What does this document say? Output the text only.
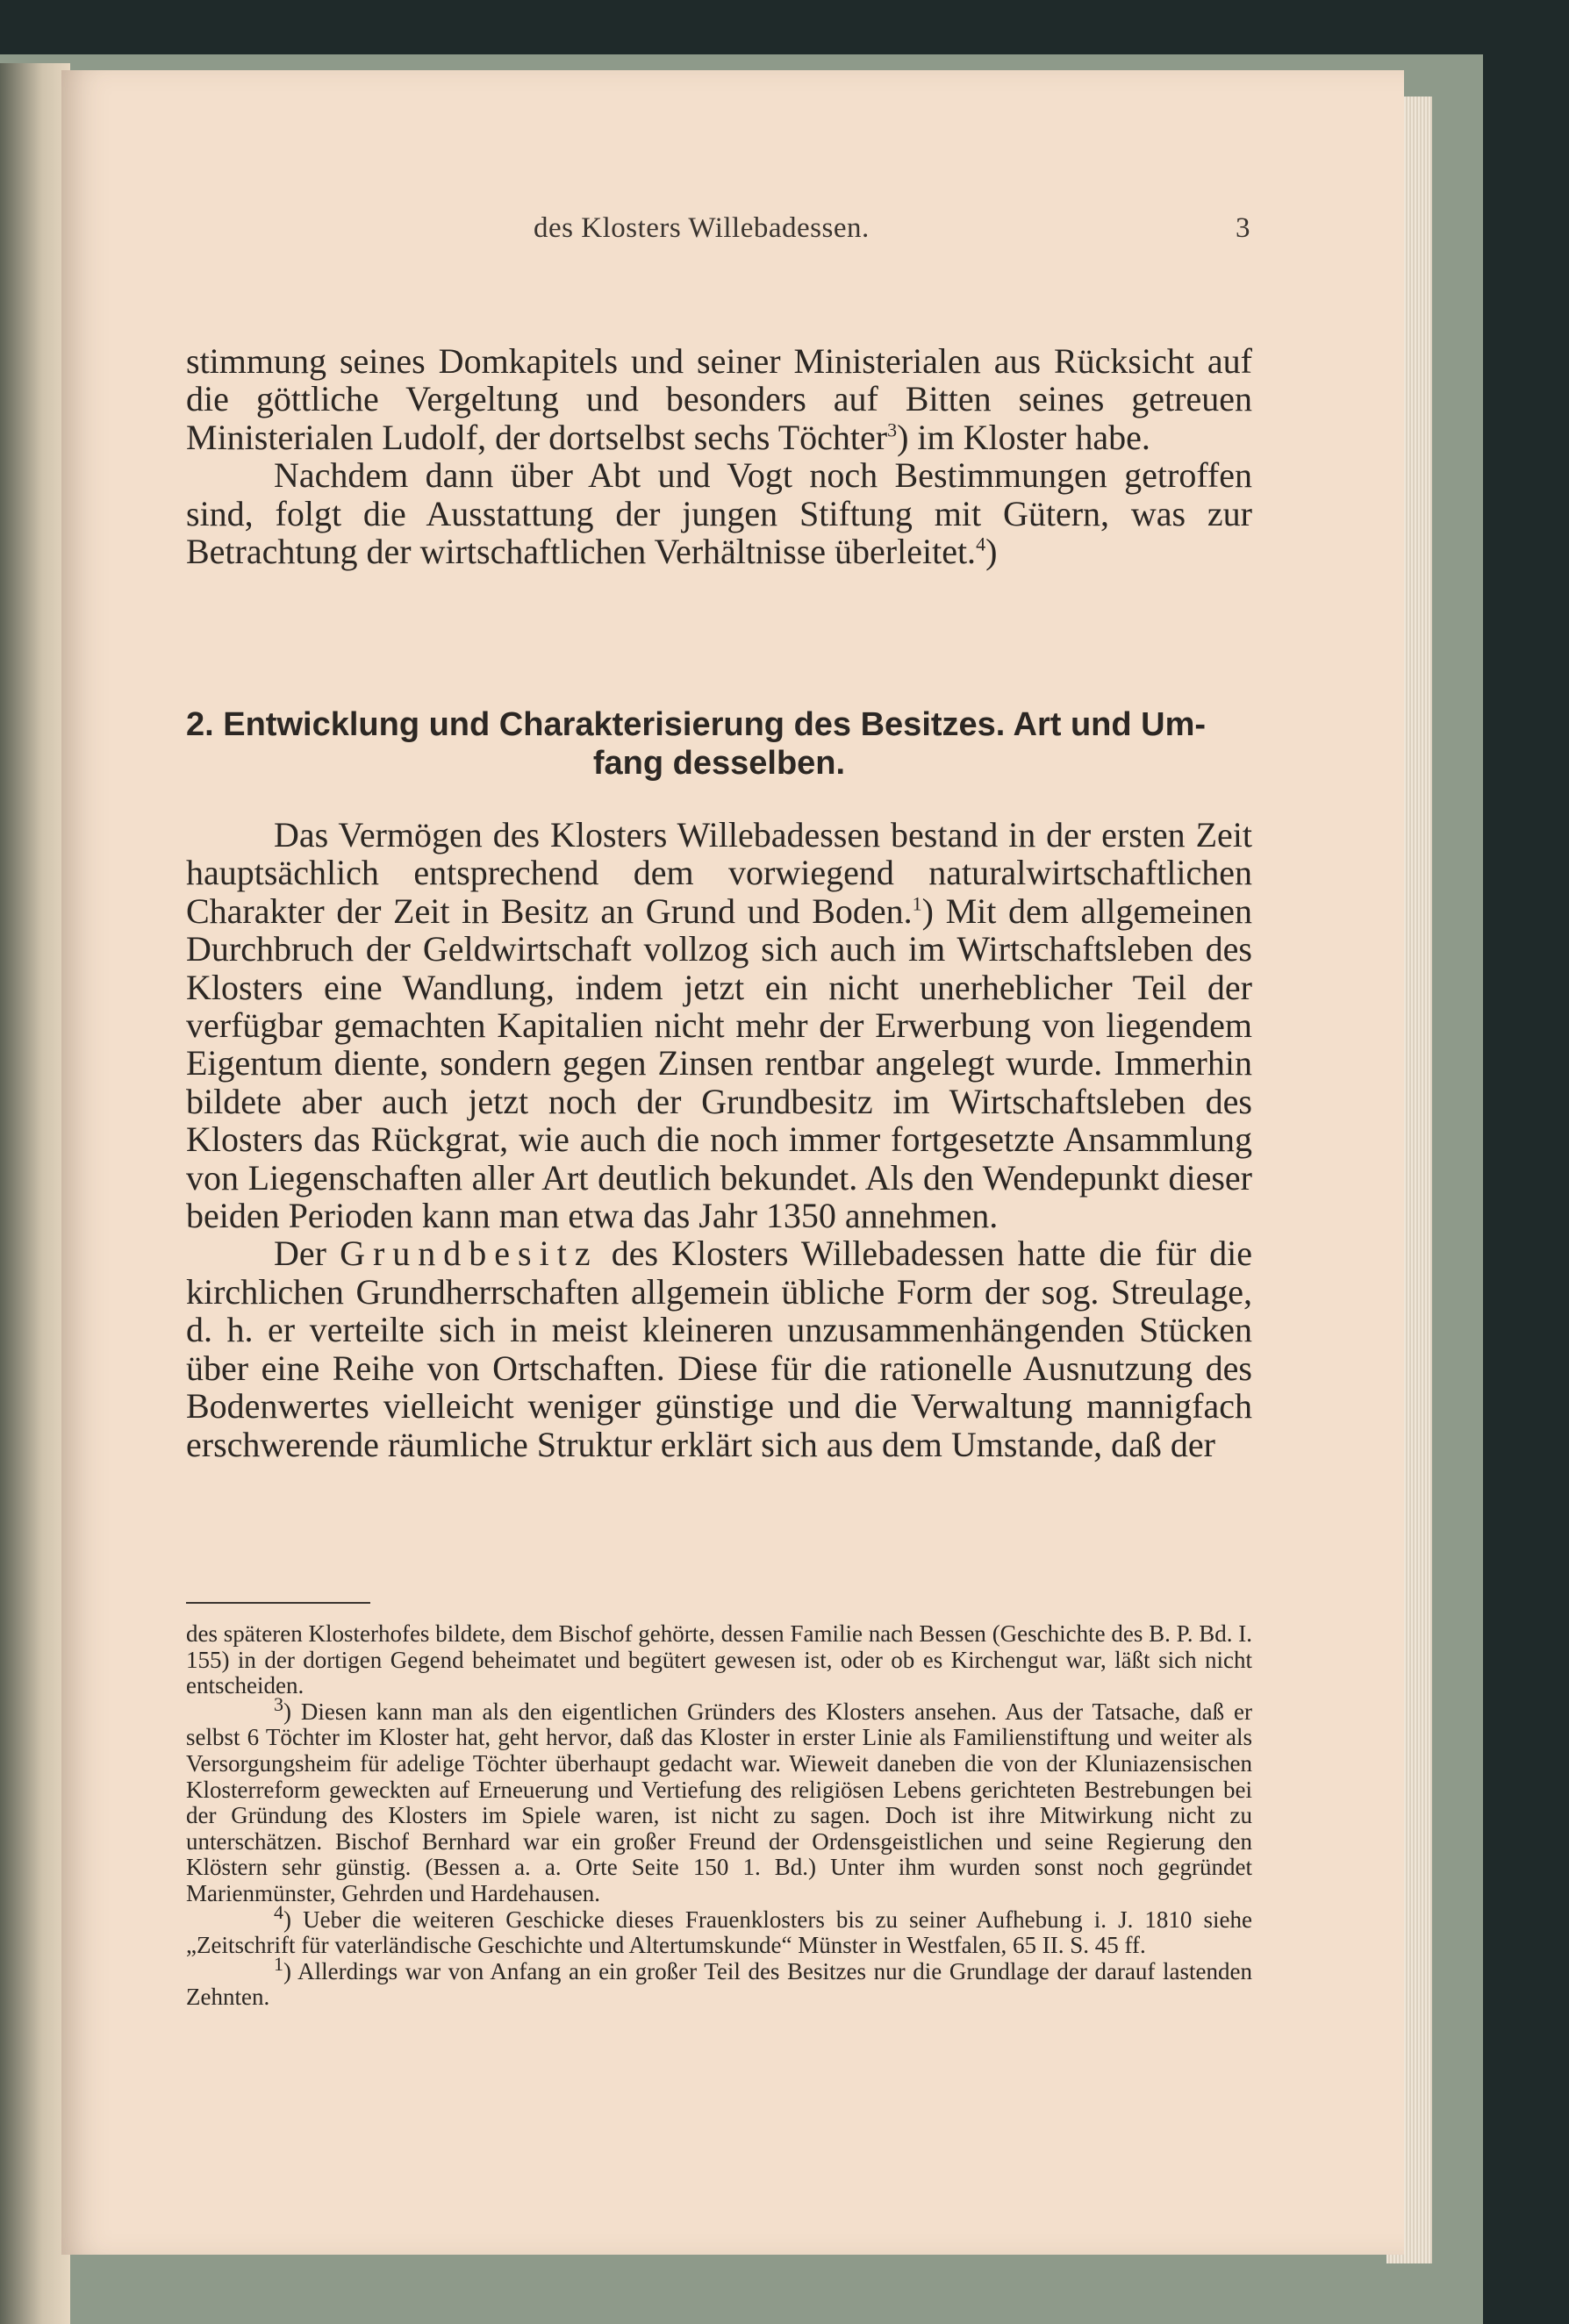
des Klosters Willebadessen.	3

stimmung seines Domkapitels und seiner Ministerialen aus Rücksicht auf die göttliche Vergeltung und besonders auf Bitten seines getreuen Ministerialen Ludolf, der dortselbst sechs Töchter$^3$) im Kloster habe.

Nachdem dann über Abt und Vogt noch Bestimmungen getroffen sind, folgt die Ausstattung der jungen Stiftung mit Gütern, was zur Betrachtung der wirtschaftlichen Verhältnisse überleitet.$^4$)

2. Entwicklung und Charakterisierung des Besitzes. Art und Um-
fang desselben.

Das Vermögen des Klosters Willebadessen bestand in der ersten Zeit hauptsächlich entsprechend dem vorwiegend naturalwirtschaftlichen Charakter der Zeit in Besitz an Grund und Boden.$^1$) Mit dem allgemeinen Durchbruch der Geldwirtschaft vollzog sich auch im Wirtschaftsleben des Klosters eine Wandlung, indem jetzt ein nicht unerheblicher Teil der verfügbar gemachten Kapitalien nicht mehr der Erwerbung von liegendem Eigentum diente, sondern gegen Zinsen rentbar angelegt wurde. Immerhin bildete aber auch jetzt noch der Grundbesitz im Wirtschaftsleben des Klosters das Rückgrat, wie auch die noch immer fortgesetzte Ansammlung von Liegenschaften aller Art deutlich bekundet. Als den Wendepunkt dieser beiden Perioden kann man etwa das Jahr 1350 annehmen.

Der Grundbesitz des Klosters Willebadessen hatte die für die kirchlichen Grundherrschaften allgemein übliche Form der sog. Streulage, d. h. er verteilte sich in meist kleineren unzusammenhängenden Stücken über eine Reihe von Ortschaften. Diese für die rationelle Ausnutzung des Bodenwertes vielleicht weniger günstige und die Verwaltung mannigfach erschwerende räumliche Struktur erklärt sich aus dem Umstande, daß der

des späteren Klosterhofes bildete, dem Bischof gehörte, dessen Familie nach Bessen (Geschichte des B. P. Bd. I. 155) in der dortigen Gegend beheimatet und begütert gewesen ist, oder ob es Kirchengut war, läßt sich nicht entscheiden.

$^3$) Diesen kann man als den eigentlichen Gründers des Klosters ansehen. Aus der Tatsache, daß er selbst 6 Töchter im Kloster hat, geht hervor, daß das Kloster in erster Linie als Familienstiftung und weiter als Versorgungsheim für adelige Töchter überhaupt gedacht war. Wieweit daneben die von der Kluniazensischen Klosterreform geweckten auf Erneuerung und Vertiefung des religiösen Lebens gerichteten Bestrebungen bei der Gründung des Klosters im Spiele waren, ist nicht zu sagen. Doch ist ihre Mitwirkung nicht zu unterschätzen. Bischof Bernhard war ein großer Freund der Ordensgeistlichen und seine Regierung den Klöstern sehr günstig. (Bessen a. a. Orte Seite 150 1. Bd.) Unter ihm wurden sonst noch gegründet Marienmünster, Gehrden und Hardehausen.

$^4$) Ueber die weiteren Geschicke dieses Frauenklosters bis zu seiner Aufhebung i. J. 1810 siehe „Zeitschrift für vaterländische Geschichte und Altertumskunde“ Münster in Westfalen, 65 II. S. 45 ff.

$^1$) Allerdings war von Anfang an ein großer Teil des Besitzes nur die Grundlage der darauf lastenden Zehnten.
